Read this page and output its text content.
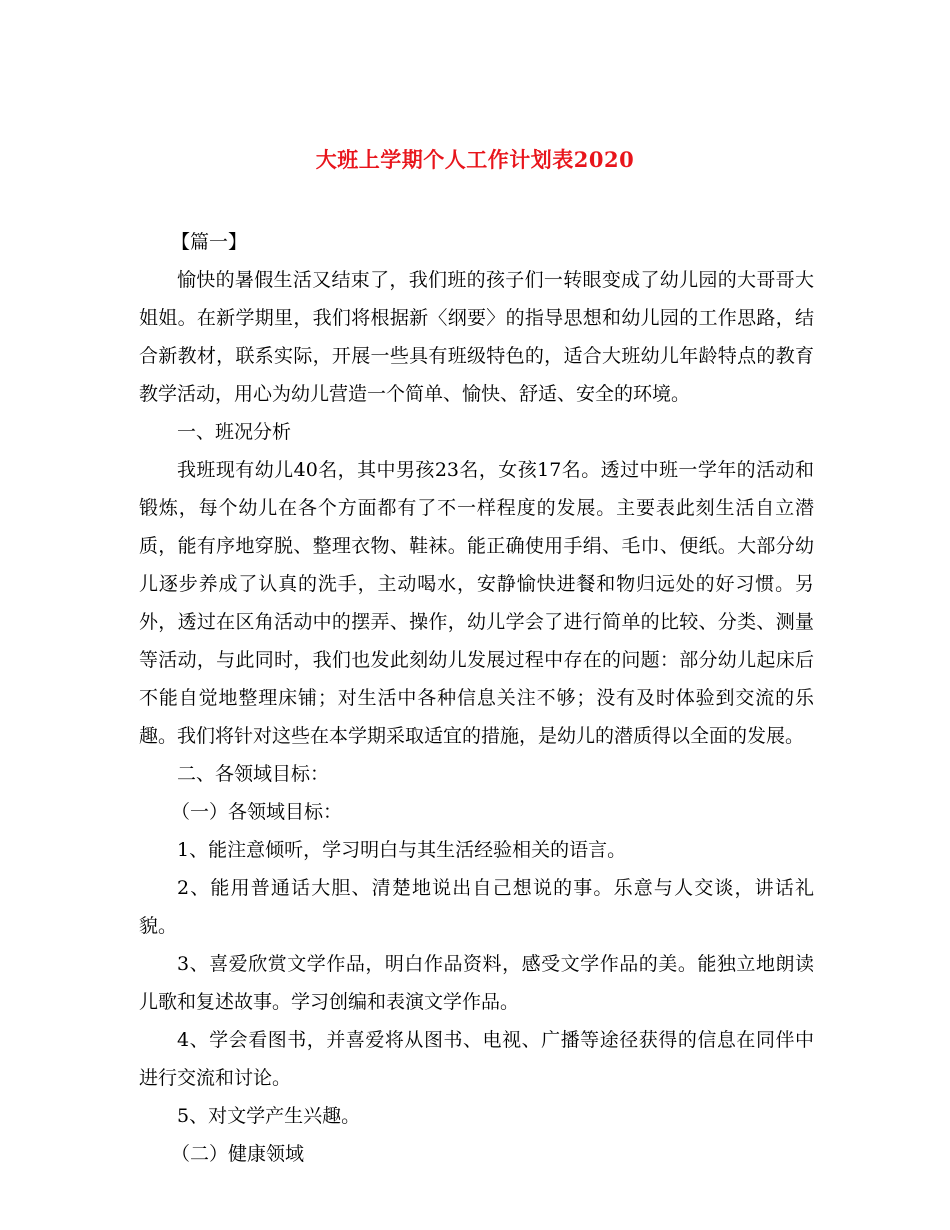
大班上学期个人工作计划表2020

【篇一】

愉快的暑假生活又结束了，我们班的孩子们一转眼变成了幼儿园的大哥哥大姐姐。在新学期里，我们将根据新〈纲要〉的指导思想和幼儿园的工作思路，结合新教材，联系实际，开展一些具有班级特色的，适合大班幼儿年龄特点的教育教学活动，用心为幼儿营造一个简单、愉快、舒适、安全的环境。

一、班况分析

我班现有幼儿40名，其中男孩23名，女孩17名。透过中班一学年的活动和锻炼，每个幼儿在各个方面都有了不一样程度的发展。主要表此刻生活自立潜质，能有序地穿脱、整理衣物、鞋袜。能正确使用手绢、毛巾、便纸。大部分幼儿逐步养成了认真的洗手，主动喝水，安静愉快进餐和物归远处的好习惯。另外，透过在区角活动中的摆弄、操作，幼儿学会了进行简单的比较、分类、测量等活动，与此同时，我们也发此刻幼儿发展过程中存在的问题：部分幼儿起床后不能自觉地整理床铺；对生活中各种信息关注不够；没有及时体验到交流的乐趣。我们将针对这些在本学期采取适宜的措施，是幼儿的潜质得以全面的发展。

二、各领域目标：

（一）各领域目标：

1、能注意倾听，学习明白与其生活经验相关的语言。

2、能用普通话大胆、清楚地说出自己想说的事。乐意与人交谈，讲话礼貌。

3、喜爱欣赏文学作品，明白作品资料，感受文学作品的美。能独立地朗读儿歌和复述故事。学习创编和表演文学作品。

4、学会看图书，并喜爱将从图书、电视、广播等途径获得的信息在同伴中进行交流和讨论。

5、对文学产生兴趣。

（二）健康领域
